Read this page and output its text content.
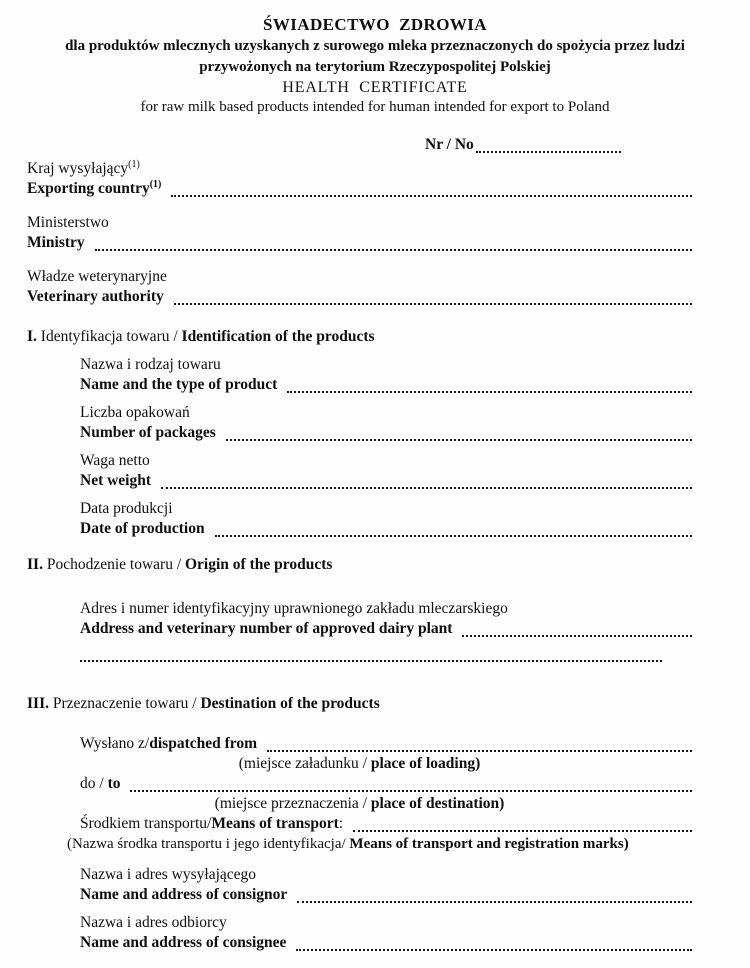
ŚWIADECTWO  ZDROWIA
dla produktów mlecznych uzyskanych z surowego mleka przeznaczonych do spożycia przez ludzi
przywożonych na terytorium Rzeczypospolitej Polskiej
HEALTH  CERTIFICATE
for raw milk based products intended for human intended for export to Poland
Nr / No
Kraj wysyłający$^{(1)}$
Exporting country$^{(1)}$
Ministerstwo
Ministry
Władze weterynaryjne
Veterinary authority
I. Identyfikacja towaru / Identification of the products
Nazwa i rodzaj towaru
Name and the type of product
Liczba opakowań
Number of packages
Waga netto
Net weight
Data produkcji
Date of production
II. Pochodzenie towaru / Origin of the products
Adres i numer identyfikacyjny uprawnionego zakładu mleczarskiego
Address and veterinary number of approved dairy plant
III. Przeznaczenie towaru / Destination of the products
Wysłano z/dispatched from
(miejsce załadunku / place of loading)
do / to
(miejsce przeznaczenia / place of destination)
Środkiem transportu/Means of transport:
(Nazwa środka transportu i jego identyfikacja/ Means of transport and registration marks)
Nazwa i adres wysyłającego
Name and address of consignor
Nazwa i adres odbiorcy
Name and address of consignee
